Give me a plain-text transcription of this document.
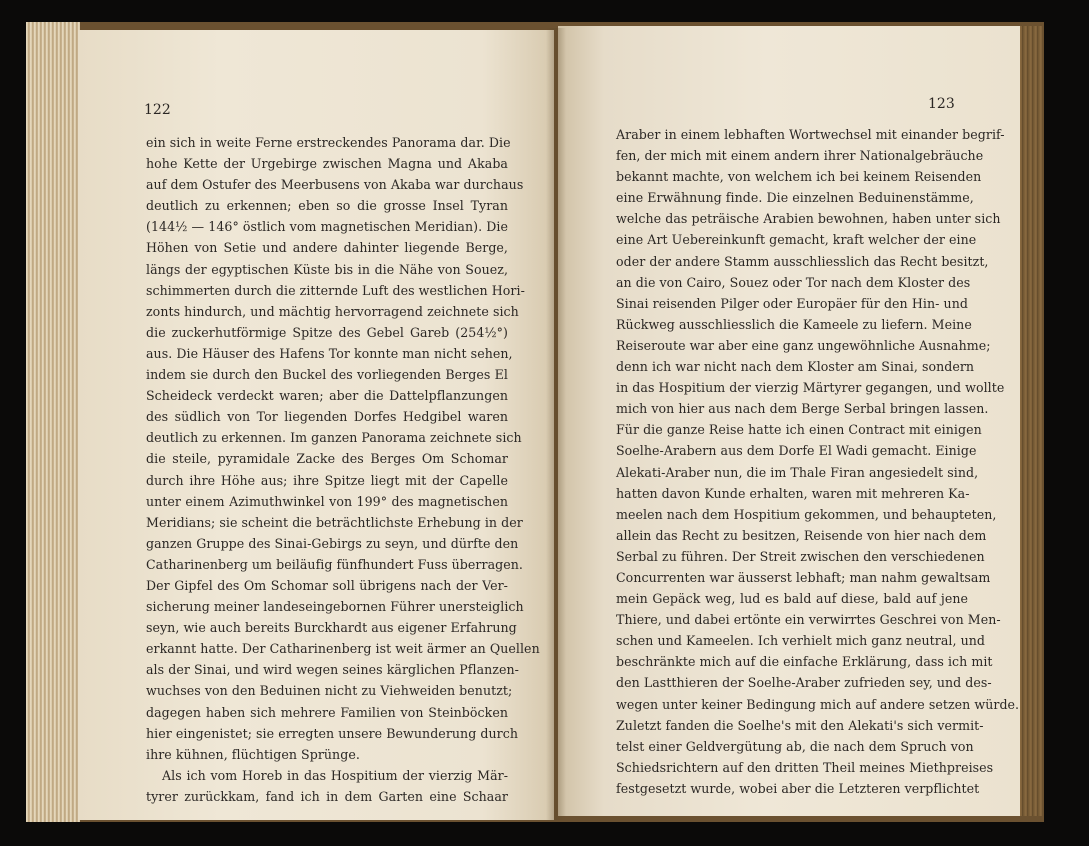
122
ein sich in weite Ferne erstreckendes Panorama dar. Die
hohe Kette der Urgebirge zwischen Magna und Akaba
auf dem Ostufer des Meerbusens von Akaba war durchaus
deutlich zu erkennen; eben so die grosse Insel Tyran
(144½ — 146° östlich vom magnetischen Meridian). Die
Höhen von Setie und andere dahinter liegende Berge,
längs der egyptischen Küste bis in die Nähe von Souez,
schimmerten durch die zitternde Luft des westlichen Hori-
zonts hindurch, und mächtig hervorragend zeichnete sich
die zuckerhutförmige Spitze des Gebel Gareb (254½°)
aus. Die Häuser des Hafens Tor konnte man nicht sehen,
indem sie durch den Buckel des vorliegenden Berges El
Scheideck verdeckt waren; aber die Dattelpflanzungen
des südlich von Tor liegenden Dorfes Hedgibel waren
deutlich zu erkennen. Im ganzen Panorama zeichnete sich
die steile, pyramidale Zacke des Berges Om Schomar
durch ihre Höhe aus; ihre Spitze liegt mit der Capelle
unter einem Azimuthwinkel von 199° des magnetischen
Meridians; sie scheint die beträchtlichste Erhebung in der
ganzen Gruppe des Sinai-Gebirgs zu seyn, und dürfte den
Catharinenberg um beiläufig fünfhundert Fuss überragen.
Der Gipfel des Om Schomar soll übrigens nach der Ver-
sicherung meiner landeseingebornen Führer unersteiglich
seyn, wie auch bereits Burckhardt aus eigener Erfahrung
erkannt hatte. Der Catharinenberg ist weit ärmer an Quellen
als der Sinai, und wird wegen seines kärglichen Pflanzen-
wuchses von den Beduinen nicht zu Viehweiden benutzt;
dagegen haben sich mehrere Familien von Steinböcken
hier eingenistet; sie erregten unsere Bewunderung durch
ihre kühnen, flüchtigen Sprünge.
Als ich vom Horeb in das Hospitium der vierzig Mär-
tyrer zurückkam, fand ich in dem Garten eine Schaar
123
Araber in einem lebhaften Wortwechsel mit einander begrif-
fen, der mich mit einem andern ihrer Nationalgebräuche
bekannt machte, von welchem ich bei keinem Reisenden
eine Erwähnung finde. Die einzelnen Beduinenstämme,
welche das peträische Arabien bewohnen, haben unter sich
eine Art Uebereinkunft gemacht, kraft welcher der eine
oder der andere Stamm ausschliesslich das Recht besitzt,
an die von Cairo, Souez oder Tor nach dem Kloster des
Sinai reisenden Pilger oder Europäer für den Hin- und
Rückweg ausschliesslich die Kameele zu liefern. Meine
Reiseroute war aber eine ganz ungewöhnliche Ausnahme;
denn ich war nicht nach dem Kloster am Sinai, sondern
in das Hospitium der vierzig Märtyrer gegangen, und wollte
mich von hier aus nach dem Berge Serbal bringen lassen.
Für die ganze Reise hatte ich einen Contract mit einigen
Soelhe-Arabern aus dem Dorfe El Wadi gemacht. Einige
Alekati-Araber nun, die im Thale Firan angesiedelt sind,
hatten davon Kunde erhalten, waren mit mehreren Ka-
meelen nach dem Hospitium gekommen, und behaupteten,
allein das Recht zu besitzen, Reisende von hier nach dem
Serbal zu führen. Der Streit zwischen den verschiedenen
Concurrenten war äusserst lebhaft; man nahm gewaltsam
mein Gepäck weg, lud es bald auf diese, bald auf jene
Thiere, und dabei ertönte ein verwirrtes Geschrei von Men-
schen und Kameelen. Ich verhielt mich ganz neutral, und
beschränkte mich auf die einfache Erklärung, dass ich mit
den Lastthieren der Soelhe-Araber zufrieden sey, und des-
wegen unter keiner Bedingung mich auf andere setzen würde.
Zuletzt fanden die Soelhe's mit den Alekati's sich vermit-
telst einer Geldvergütung ab, die nach dem Spruch von
Schiedsrichtern auf den dritten Theil meines Miethpreises
festgesetzt wurde, wobei aber die Letzteren verpflichtet
